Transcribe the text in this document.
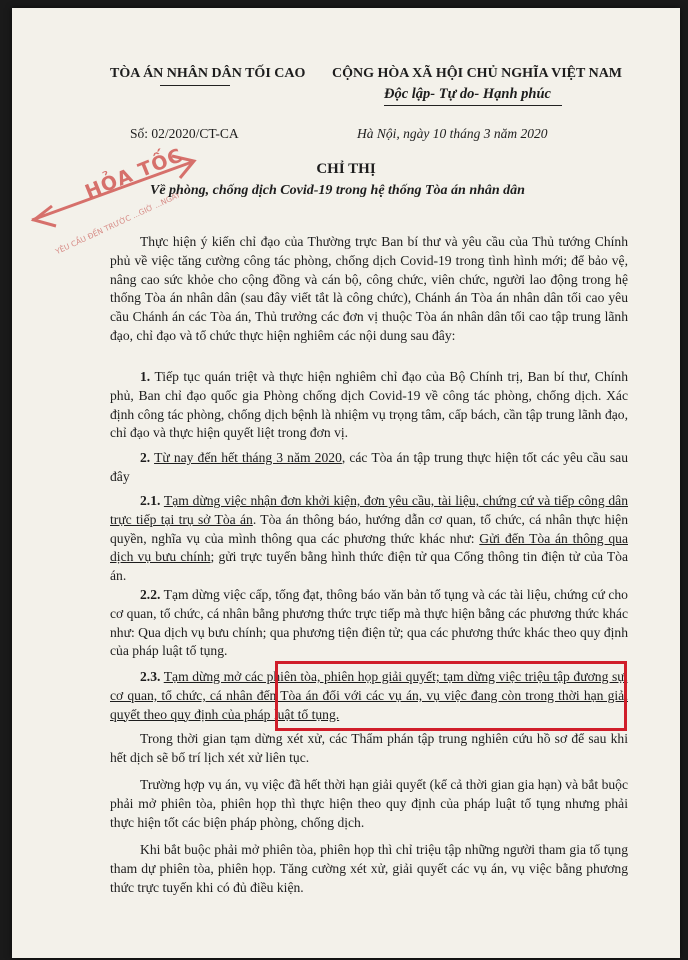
TÒA ÁN NHÂN DÂN TỐI CAO CỘNG HÒA XÃ HỘI CHỦ NGHĨA VIỆT NAM
Độc lập- Tự do- Hạnh phúc
Số: 02/2020/CT-CA	Hà Nội, ngày 10 tháng 3 năm 2020
HỎA TỐC
YÊU CẦU ĐẾN TRƯỚC ...GIỜ ...NGÀY
CHỈ THỊ
Về phòng, chống dịch Covid-19 trong hệ thống Tòa án nhân dân

Thực hiện ý kiến chỉ đạo của Thường trực Ban bí thư và yêu cầu của Thủ tướng Chính phủ về việc tăng cường công tác phòng, chống dịch Covid-19 trong tình hình mới; để bảo vệ, nâng cao sức khỏe cho cộng đồng và cán bộ, công chức, viên chức, người lao động trong hệ thống Tòa án nhân dân (sau đây viết tắt là công chức), Chánh án Tòa án nhân dân tối cao yêu cầu Chánh án các Tòa án, Thủ trưởng các đơn vị thuộc Tòa án nhân dân tối cao tập trung lãnh đạo, chỉ đạo và tổ chức thực hiện nghiêm các nội dung sau đây:

1. Tiếp tục quán triệt và thực hiện nghiêm chỉ đạo của Bộ Chính trị, Ban bí thư, Chính phủ, Ban chỉ đạo quốc gia Phòng chống dịch Covid-19 về công tác phòng, chống dịch. Xác định công tác phòng, chống dịch bệnh là nhiệm vụ trọng tâm, cấp bách, cần tập trung lãnh đạo, chỉ đạo và thực hiện quyết liệt trong đơn vị.

2. Từ nay đến hết tháng 3 năm 2020, các Tòa án tập trung thực hiện tốt các yêu cầu sau đây

2.1. Tạm dừng việc nhận đơn khởi kiện, đơn yêu cầu, tài liệu, chứng cứ và tiếp công dân trực tiếp tại trụ sở Tòa án. Tòa án thông báo, hướng dẫn cơ quan, tổ chức, cá nhân thực hiện quyền, nghĩa vụ của mình thông qua các phương thức khác như: Gửi đến Tòa án thông qua dịch vụ bưu chính; gửi trực tuyến bằng hình thức điện tử qua Cổng thông tin điện tử của Tòa án.

2.2. Tạm dừng việc cấp, tống đạt, thông báo văn bản tố tụng và các tài liệu, chứng cứ cho cơ quan, tổ chức, cá nhân bằng phương thức trực tiếp mà thực hiện bằng các phương thức khác như: Qua dịch vụ bưu chính; qua phương tiện điện tử; qua các phương thức khác theo quy định của pháp luật tố tụng.

2.3. Tạm dừng mở các phiên tòa, phiên họp giải quyết; tạm dừng việc triệu tập đương sự, cơ quan, tổ chức, cá nhân đến Tòa án đối với các vụ án, vụ việc đang còn trong thời hạn giải quyết theo quy định của pháp luật tố tụng.

Trong thời gian tạm dừng xét xử, các Thẩm phán tập trung nghiên cứu hồ sơ để sau khi hết dịch sẽ bố trí lịch xét xử liên tục.

Trường hợp vụ án, vụ việc đã hết thời hạn giải quyết (kể cả thời gian gia hạn) và bắt buộc phải mở phiên tòa, phiên họp thì thực hiện theo quy định của pháp luật tố tụng nhưng phải thực hiện tốt các biện pháp phòng, chống dịch.

Khi bắt buộc phải mở phiên tòa, phiên họp thì chỉ triệu tập những người tham gia tố tụng tham dự phiên tòa, phiên họp. Tăng cường xét xử, giải quyết các vụ án, vụ việc bằng phương thức trực tuyến khi có đủ điều kiện.
